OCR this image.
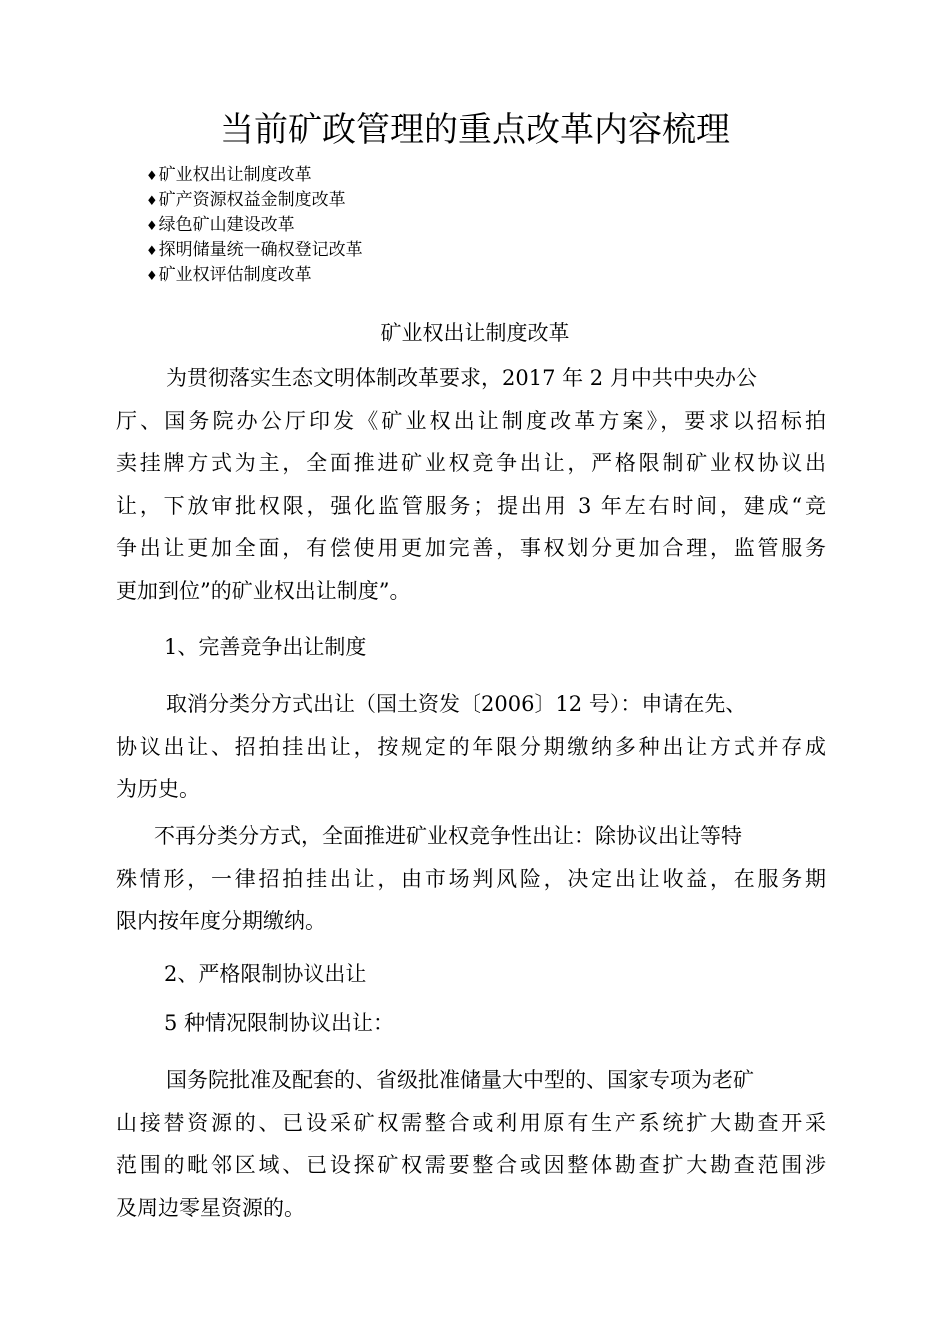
当前矿政管理的重点改革内容梳理
♦矿业权出让制度改革
♦矿产资源权益金制度改革
♦绿色矿山建设改革
♦探明储量统一确权登记改革
♦矿业权评估制度改革
矿业权出让制度改革
为贯彻落实生态文明体制改革要求，2017 年 2 月中共中央办公
厅、国务院办公厅印发《矿业权出让制度改革方案》，要求以招标拍
卖挂牌方式为主，全面推进矿业权竞争出让，严格限制矿业权协议出
让，下放审批权限，强化监管服务；提出用 3 年左右时间，建成“竞
争出让更加全面，有偿使用更加完善，事权划分更加合理，监管服务
更加到位”的矿业权出让制度”。
1、完善竞争出让制度
取消分类分方式出让（国土资发〔2006〕12 号）：申请在先、
协议出让、招拍挂出让，按规定的年限分期缴纳多种出让方式并存成
为历史。
不再分类分方式，全面推进矿业权竞争性出让：除协议出让等特
殊情形，一律招拍挂出让，由市场判风险，决定出让收益，在服务期
限内按年度分期缴纳。
2、严格限制协议出让
5 种情况限制协议出让：
国务院批准及配套的、省级批准储量大中型的、国家专项为老矿
山接替资源的、已设采矿权需整合或利用原有生产系统扩大勘查开采
范围的毗邻区域、已设探矿权需要整合或因整体勘查扩大勘查范围涉
及周边零星资源的。
